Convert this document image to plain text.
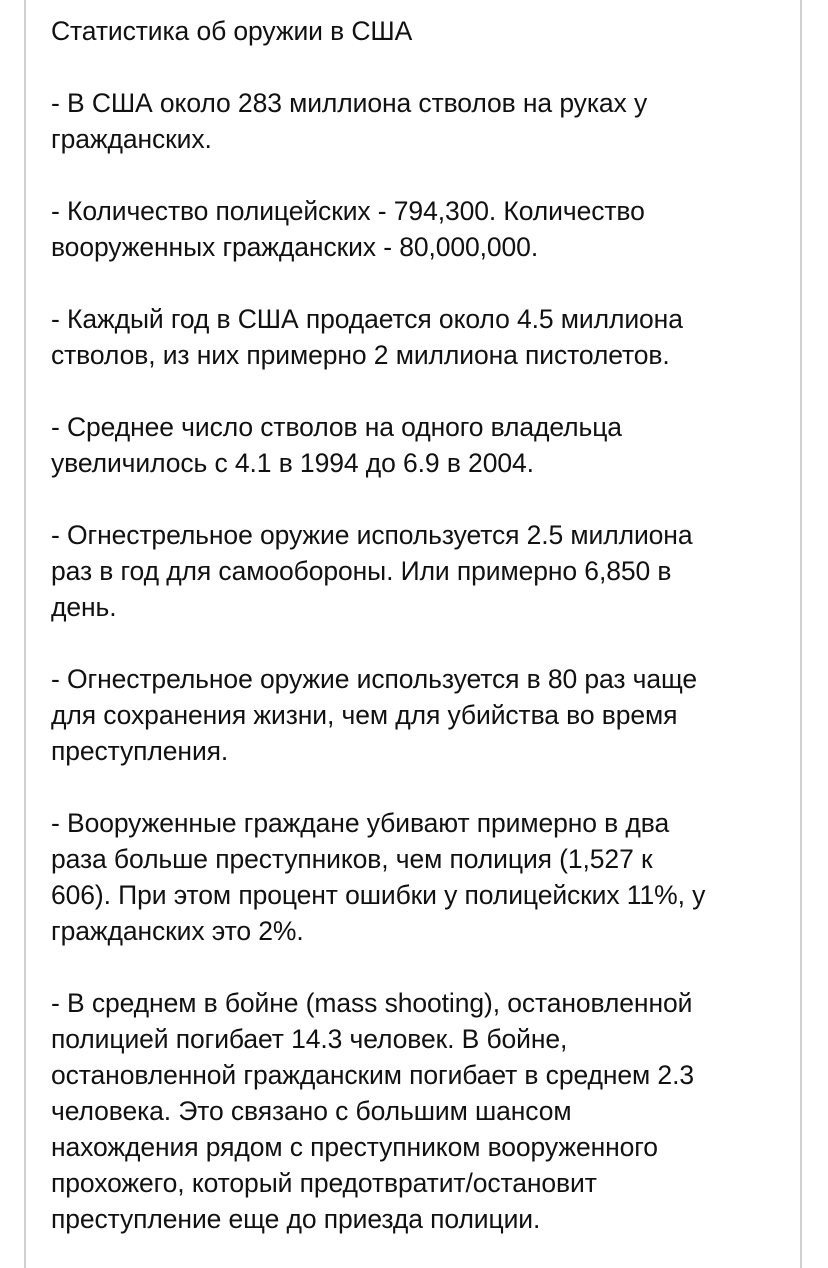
Статистика об оружии в США
- В США около 283 миллиона стволов на руках у
гражданских.
- Количество полицейских - 794,300. Количество
вооруженных гражданских - 80,000,000.
- Каждый год в США продается около 4.5 миллиона
стволов, из них примерно 2 миллиона пистолетов.
- Среднее число стволов на одного владельца
увеличилось с 4.1 в 1994 до 6.9 в 2004.
- Огнестрельное оружие используется 2.5 миллиона
раз в год для самообороны. Или примерно 6,850 в
день.
- Огнестрельное оружие используется в 80 раз чаще
для сохранения жизни, чем для убийства во время
преступления.
- Вооруженные граждане убивают примерно в два
раза больше преступников, чем полиция (1,527 к
606). При этом процент ошибки у полицейских 11%, у
гражданских это 2%.
- В среднем в бойне (mass shooting), остановленной
полицией погибает 14.3 человек. В бойне,
остановленной гражданским погибает в среднем 2.3
человека. Это связано с большим шансом
нахождения рядом с преступником вооруженного
прохожего, который предотвратит/остановит
преступление еще до приезда полиции.
